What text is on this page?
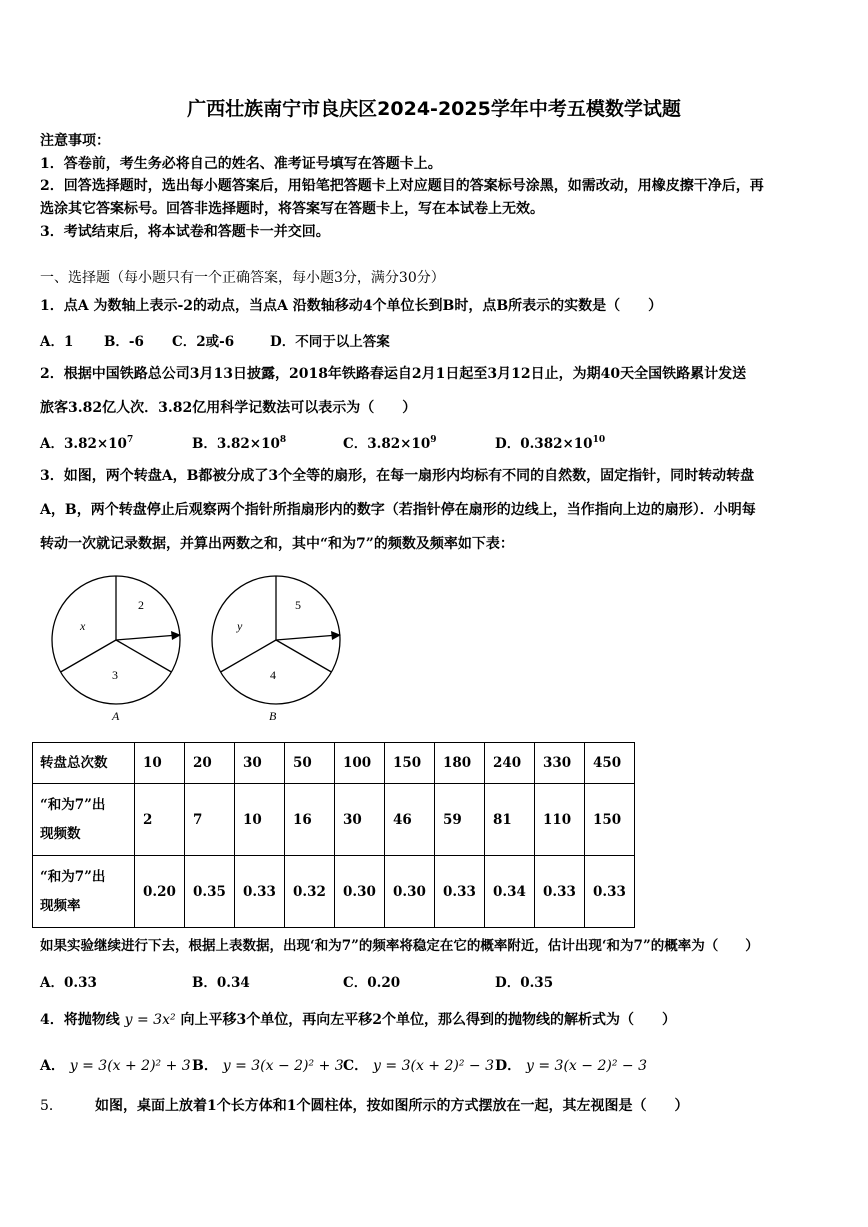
广西壮族南宁市良庆区2024-2025学年中考五模数学试题
注意事项：
1．答卷前，考生务必将自己的姓名、准考证号填写在答题卡上。
2．回答选择题时，选出每小题答案后，用铅笔把答题卡上对应题目的答案标号涂黑，如需改动，用橡皮擦干净后，再
选涂其它答案标号。回答非选择题时，将答案写在答题卡上，写在本试卷上无效。
3．考试结束后，将本试卷和答题卡一并交回。
一、选择题（每小题只有一个正确答案，每小题3分，满分30分）
1．点A 为数轴上表示-2的动点，当点A 沿数轴移动4个单位长到B时，点B所表示的实数是（　　）
A．1 B．-6 C．2或-6	D．不同于以上答案
2．根据中国铁路总公司3月13日披露，2018年铁路春运自2月1日起至3月12日止，为期40天全国铁路累计发送
旅客3.82亿人次．3.82亿用科学记数法可以表示为（　　）
A．$3.82\times 10^7$	B．$3.82\times 10^8$	C．$3.82\times 10^9$	D．$0.382\times 10^{10}$
3．如图，两个转盘A，B都被分成了3个全等的扇形，在每一扇形内均标有不同的自然数，固定指针，同时转动转盘
A，B，两个转盘停止后观察两个指针所指扇形内的数字（若指针停在扇形的边线上，当作指向上边的扇形）．小明每
转动一次就记录数据，并算出两数之和，其中“和为7”的频数及频率如下表：
2
x
3
A
5
y
4
B
转盘总次数	10	20	30	50	100	150	180	240	330	450

“和为7”出
现频数	2	7	10	16	30	46	59	81	110	150

“和为7”出
现频率	0.20	0.35	0.33	0.32	0.30	0.30	0.33	0.34	0.33	0.33
如果实验继续进行下去，根据上表数据，出现‘和为7”的频率将稳定在它的概率附近，估计出现‘和为7”的概率为（　　）
A．0.33	B．0.34	C．0.20	D．0.35
4．将抛物线 y = 3x² 向上平移3个单位，再向左平移2个单位，那么得到的抛物线的解析式为（　　）
A． y = 3(x + 2)² + 3 B． y = 3(x − 2)² + 3 C． y = 3(x + 2)² − 3 D． y = 3(x − 2)² − 3
5． 如图，桌面上放着1个长方体和1个圆柱体，按如图所示的方式摆放在一起，其左视图是（　　）
